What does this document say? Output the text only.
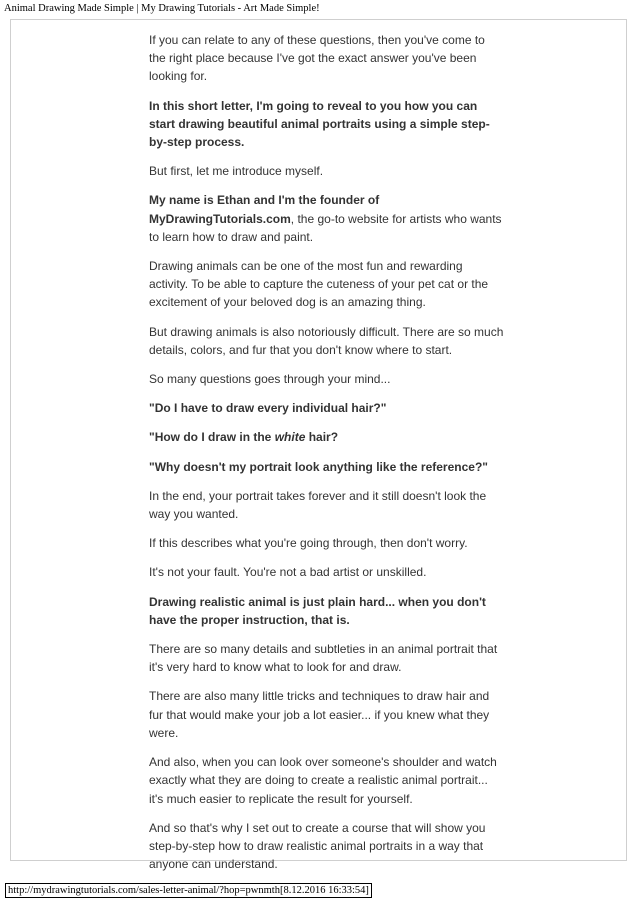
Animal Drawing Made Simple | My Drawing Tutorials - Art Made Simple!

If you can relate to any of these questions, then you've come to the right place because I've got the exact answer you've been looking for.

In this short letter, I'm going to reveal to you how you can start drawing beautiful animal portraits using a simple step-by-step process.

But first, let me introduce myself.

My name is Ethan and I'm the founder of MyDrawingTutorials.com, the go-to website for artists who wants to learn how to draw and paint.

Drawing animals can be one of the most fun and rewarding activity. To be able to capture the cuteness of your pet cat or the excitement of your beloved dog is an amazing thing.

But drawing animals is also notoriously difficult. There are so much details, colors, and fur that you don't know where to start.

So many questions goes through your mind...

"Do I have to draw every individual hair?"

"How do I draw in the white hair?

"Why doesn't my portrait look anything like the reference?"

In the end, your portrait takes forever and it still doesn't look the way you wanted.

If this describes what you're going through, then don't worry.

It's not your fault. You're not a bad artist or unskilled.

Drawing realistic animal is just plain hard... when you don't have the proper instruction, that is.

There are so many details and subtleties in an animal portrait that it's very hard to know what to look for and draw.

There are also many little tricks and techniques to draw hair and fur that would make your job a lot easier... if you knew what they were.

And also, when you can look over someone's shoulder and watch exactly what they are doing to create a realistic animal portrait... it's much easier to replicate the result for yourself.

And so that's why I set out to create a course that will show you step-by-step how to draw realistic animal portraits in a way that anyone can understand.

http://mydrawingtutorials.com/sales-letter-animal/?hop=pwnmth[8.12.2016 16:33:54]
